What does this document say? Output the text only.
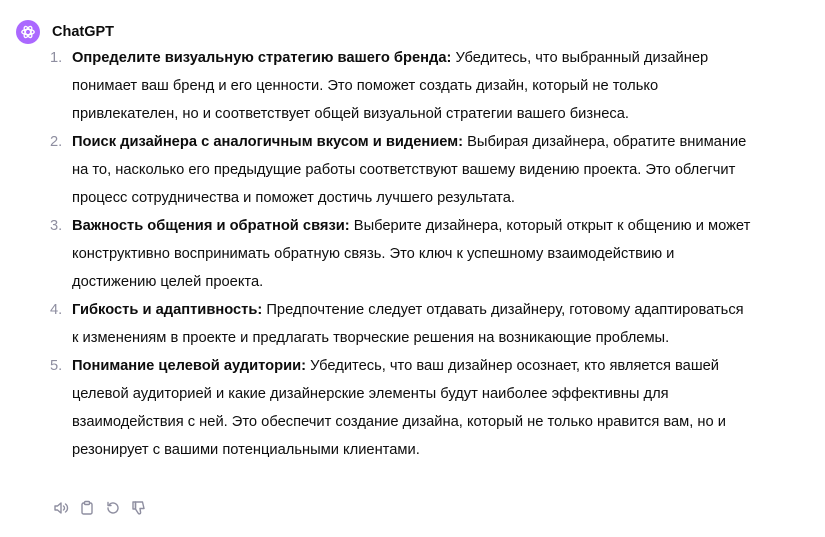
ChatGPT
1. Определите визуальную стратегию вашего бренда: Убедитесь, что выбранный дизайнер понимает ваш бренд и его ценности. Это поможет создать дизайн, который не только привлекателен, но и соответствует общей визуальной стратегии вашего бизнеса.
2. Поиск дизайнера с аналогичным вкусом и видением: Выбирая дизайнера, обратите внимание на то, насколько его предыдущие работы соответствуют вашему видению проекта. Это облегчит процесс сотрудничества и поможет достичь лучшего результата.
3. Важность общения и обратной связи: Выберите дизайнера, который открыт к общению и может конструктивно воспринимать обратную связь. Это ключ к успешному взаимодействию и достижению целей проекта.
4. Гибкость и адаптивность: Предпочтение следует отдавать дизайнеру, готовому адаптироваться к изменениям в проекте и предлагать творческие решения на возникающие проблемы.
5. Понимание целевой аудитории: Убедитесь, что ваш дизайнер осознает, кто является вашей целевой аудиторией и какие дизайнерские элементы будут наиболее эффективны для взаимодействия с ней. Это обеспечит создание дизайна, который не только нравится вам, но и резонирует с вашими потенциальными клиентами.
